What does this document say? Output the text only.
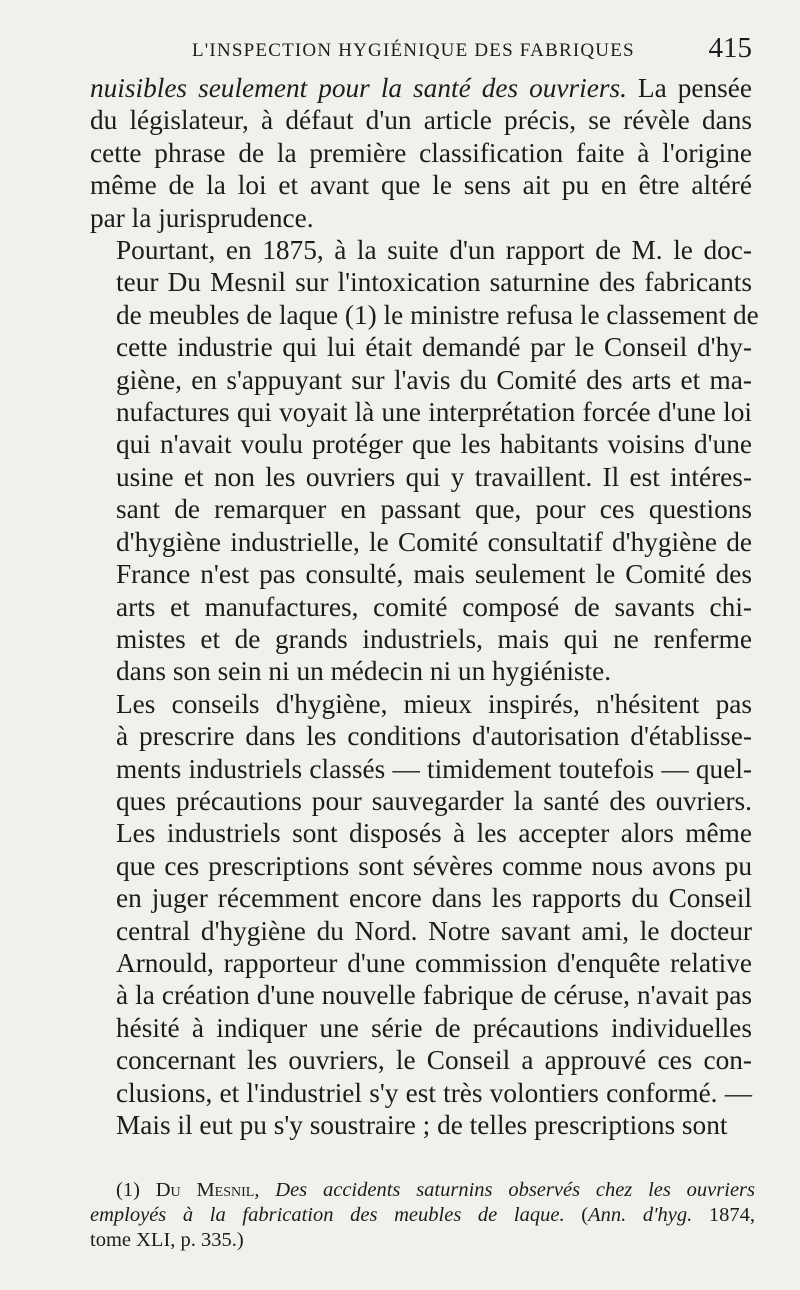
L'INSPECTION HYGIÉNIQUE DES FABRIQUES	415

nuisibles seulement pour la santé des ouvriers. La pensée
du législateur, à défaut d'un article précis, se révèle dans
cette phrase de la première classification faite à l'origine
même de la loi et avant que le sens ait pu en être altéré
par la jurisprudence.

Pourtant, en 1875, à la suite d'un rapport de M. le doc-
teur Du Mesnil sur l'intoxication saturnine des fabricants
de meubles de laque (1) le ministre refusa le classement de
cette industrie qui lui était demandé par le Conseil d'hy-
giène, en s'appuyant sur l'avis du Comité des arts et ma-
nufactures qui voyait là une interprétation forcée d'une loi
qui n'avait voulu protéger que les habitants voisins d'une
usine et non les ouvriers qui y travaillent. Il est intéres-
sant de remarquer en passant que, pour ces questions
d'hygiène industrielle, le Comité consultatif d'hygiène de
France n'est pas consulté, mais seulement le Comité des
arts et manufactures, comité composé de savants chi-
mistes et de grands industriels, mais qui ne renferme
dans son sein ni un médecin ni un hygiéniste.

Les conseils d'hygiène, mieux inspirés, n'hésitent pas
à prescrire dans les conditions d'autorisation d'établisse-
ments industriels classés — timidement toutefois — quel-
ques précautions pour sauvegarder la santé des ouvriers.
Les industriels sont disposés à les accepter alors même
que ces prescriptions sont sévères comme nous avons pu
en juger récemment encore dans les rapports du Conseil
central d'hygiène du Nord. Notre savant ami, le docteur
Arnould, rapporteur d'une commission d'enquête relative
à la création d'une nouvelle fabrique de céruse, n'avait pas
hésité à indiquer une série de précautions individuelles
concernant les ouvriers, le Conseil a approuvé ces con-
clusions, et l'industriel s'y est très volontiers conformé. —
Mais il eut pu s'y soustraire ; de telles prescriptions sont

(1) Du Mesnil, Des accidents saturnins observés chez les ouvriers
employés à la fabrication des meubles de laque. (Ann. d'hyg. 1874,
tome XLI, p. 335.)
